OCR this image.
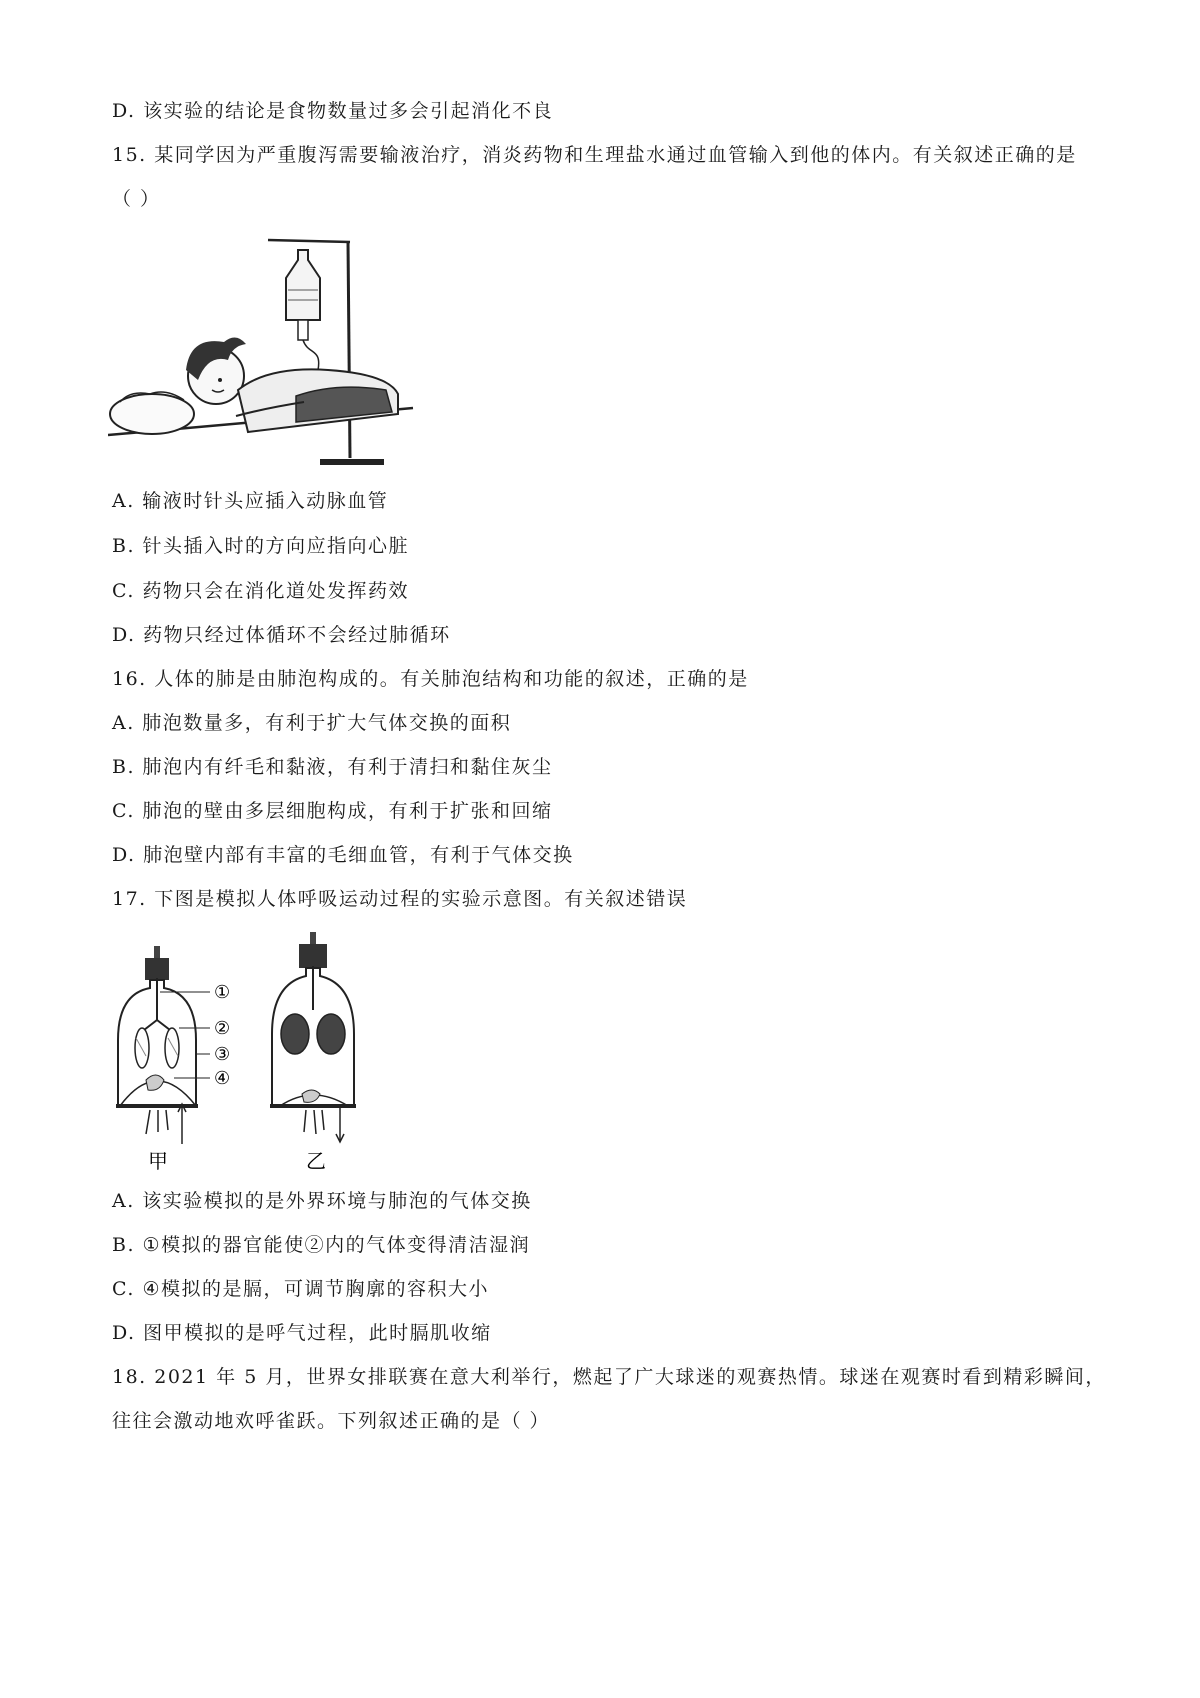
D. 该实验的结论是食物数量过多会引起消化不良
15. 某同学因为严重腹泻需要输液治疗，消炎药物和生理盐水通过血管输入到他的体内。有关叙述正确的是
（ ）
A. 输液时针头应插入动脉血管
B. 针头插入时的方向应指向心脏
C. 药物只会在消化道处发挥药效
D. 药物只经过体循环不会经过肺循环
16. 人体的肺是由肺泡构成的。有关肺泡结构和功能的叙述，正确的是
A. 肺泡数量多，有利于扩大气体交换的面积
B. 肺泡内有纤毛和黏液，有利于清扫和黏住灰尘
C. 肺泡的壁由多层细胞构成，有利于扩张和回缩
D. 肺泡壁内部有丰富的毛细血管，有利于气体交换
17. 下图是模拟人体呼吸运动过程的实验示意图。有关叙述错误
①
②
③
④
甲	乙
A. 该实验模拟的是外界环境与肺泡的气体交换
B. ①模拟的器官能使②内的气体变得清洁湿润
C. ④模拟的是膈，可调节胸廓的容积大小
D. 图甲模拟的是呼气过程，此时膈肌收缩
18. 2021 年 5 月，世界女排联赛在意大利举行，燃起了广大球迷的观赛热情。球迷在观赛时看到精彩瞬间，
往往会激动地欢呼雀跃。下列叙述正确的是（ ）
